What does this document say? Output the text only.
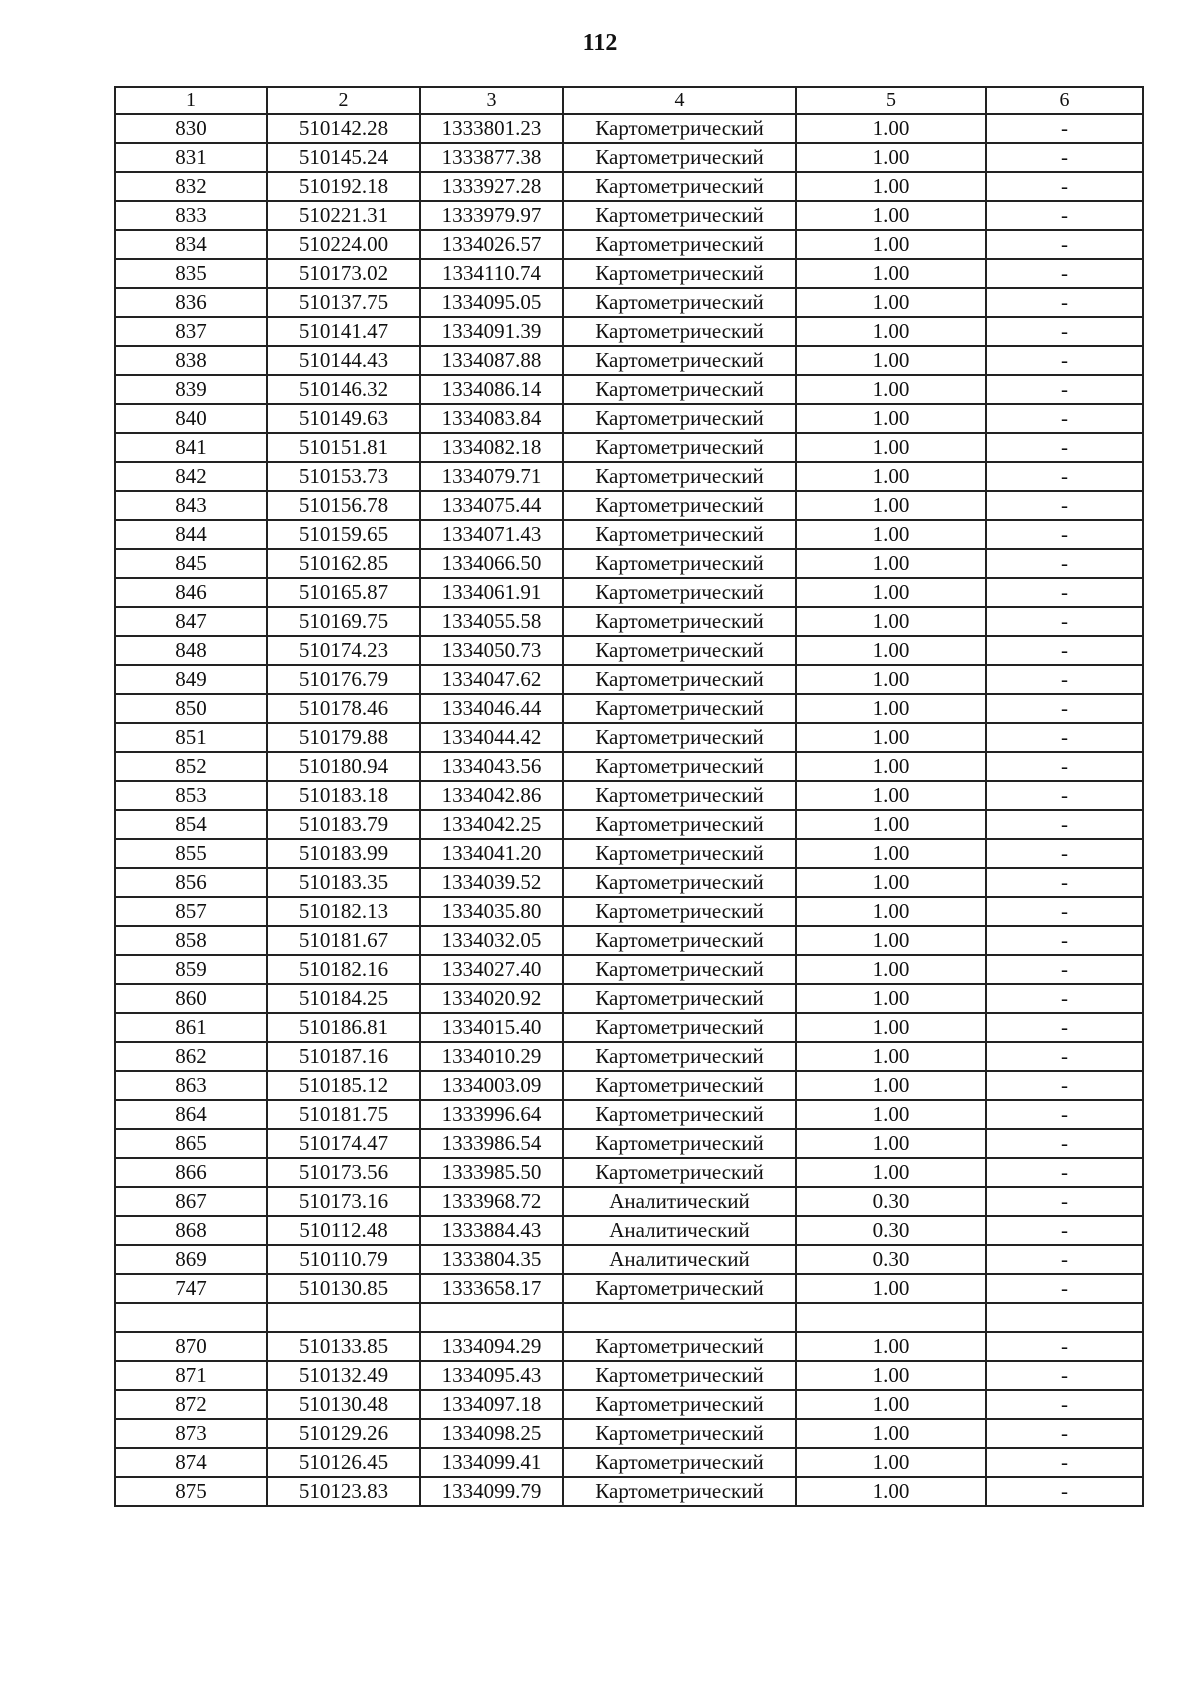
112
1	2	3	4	5	6
830	510142.28	1333801.23	Картометрический	1.00	-
831	510145.24	1333877.38	Картометрический	1.00	-
832	510192.18	1333927.28	Картометрический	1.00	-
833	510221.31	1333979.97	Картометрический	1.00	-
834	510224.00	1334026.57	Картометрический	1.00	-
835	510173.02	1334110.74	Картометрический	1.00	-
836	510137.75	1334095.05	Картометрический	1.00	-
837	510141.47	1334091.39	Картометрический	1.00	-
838	510144.43	1334087.88	Картометрический	1.00	-
839	510146.32	1334086.14	Картометрический	1.00	-
840	510149.63	1334083.84	Картометрический	1.00	-
841	510151.81	1334082.18	Картометрический	1.00	-
842	510153.73	1334079.71	Картометрический	1.00	-
843	510156.78	1334075.44	Картометрический	1.00	-
844	510159.65	1334071.43	Картометрический	1.00	-
845	510162.85	1334066.50	Картометрический	1.00	-
846	510165.87	1334061.91	Картометрический	1.00	-
847	510169.75	1334055.58	Картометрический	1.00	-
848	510174.23	1334050.73	Картометрический	1.00	-
849	510176.79	1334047.62	Картометрический	1.00	-
850	510178.46	1334046.44	Картометрический	1.00	-
851	510179.88	1334044.42	Картометрический	1.00	-
852	510180.94	1334043.56	Картометрический	1.00	-
853	510183.18	1334042.86	Картометрический	1.00	-
854	510183.79	1334042.25	Картометрический	1.00	-
855	510183.99	1334041.20	Картометрический	1.00	-
856	510183.35	1334039.52	Картометрический	1.00	-
857	510182.13	1334035.80	Картометрический	1.00	-
858	510181.67	1334032.05	Картометрический	1.00	-
859	510182.16	1334027.40	Картометрический	1.00	-
860	510184.25	1334020.92	Картометрический	1.00	-
861	510186.81	1334015.40	Картометрический	1.00	-
862	510187.16	1334010.29	Картометрический	1.00	-
863	510185.12	1334003.09	Картометрический	1.00	-
864	510181.75	1333996.64	Картометрический	1.00	-
865	510174.47	1333986.54	Картометрический	1.00	-
866	510173.56	1333985.50	Картометрический	1.00	-
867	510173.16	1333968.72	Аналитический	0.30	-
868	510112.48	1333884.43	Аналитический	0.30	-
869	510110.79	1333804.35	Аналитический	0.30	-
747	510130.85	1333658.17	Картометрический	1.00	-

870	510133.85	1334094.29	Картометрический	1.00	-
871	510132.49	1334095.43	Картометрический	1.00	-
872	510130.48	1334097.18	Картометрический	1.00	-
873	510129.26	1334098.25	Картометрический	1.00	-
874	510126.45	1334099.41	Картометрический	1.00	-
875	510123.83	1334099.79	Картометрический	1.00	-
